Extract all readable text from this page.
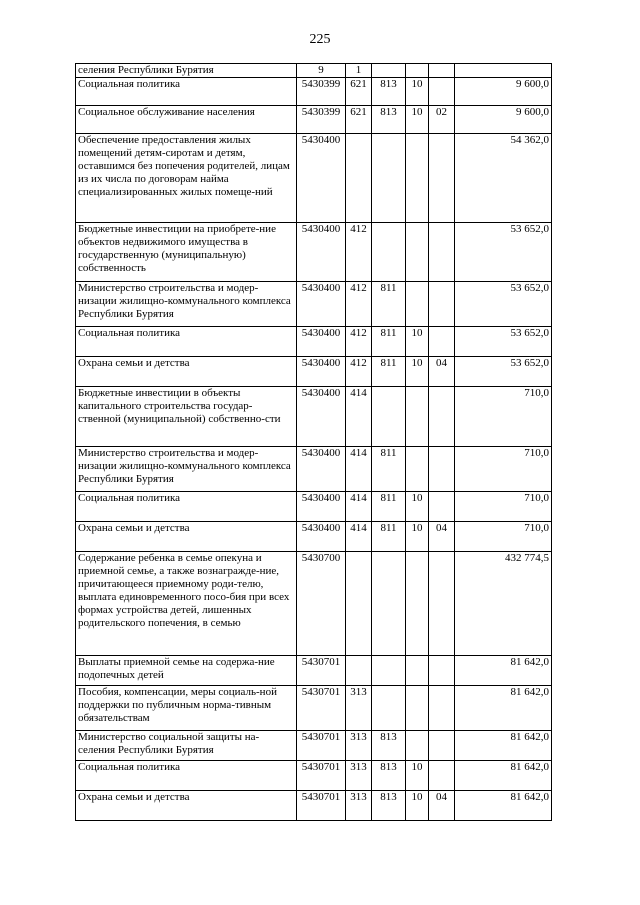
225
селения Республики Бурятия	9	1				
Социальная политика	5430399	621	813	10		9 600,0
Социальное обслуживание населения	5430399	621	813	10	02	9 600,0
Обеспечение предоставления жилых помещений детям-сиротам и детям, оставшимся без попечения родителей, лицам из их числа по договорам найма специализированных жилых помеще-ний	5430400					54 362,0
Бюджетные инвестиции на приобрете-ние объектов недвижимого имущества в государственную (муниципальную) собственность	5430400	412				53 652,0
Министерство строительства и модер-низации жилищно-коммунального комплекса Республики Бурятия	5430400	412	811			53 652,0
Социальная политика	5430400	412	811	10		53 652,0
Охрана семьи и детства	5430400	412	811	10	04	53 652,0
Бюджетные инвестиции в объекты капитального строительства государ-ственной (муниципальной) собственно-сти	5430400	414				710,0
Министерство строительства и модер-низации жилищно-коммунального комплекса Республики Бурятия	5430400	414	811			710,0
Социальная политика	5430400	414	811	10		710,0
Охрана семьи и детства	5430400	414	811	10	04	710,0
Содержание ребенка в семье опекуна и приемной семье, а также вознагражде-ние, причитающееся приемному роди-телю, выплата единовременного посо-бия при всех формах устройства детей, лишенных родительского попечения, в семью	5430700					432 774,5
Выплаты приемной семье на содержа-ние подопечных детей	5430701					81 642,0
Пособия, компенсации, меры социаль-ной поддержки по публичным норма-тивным обязательствам	5430701	313				81 642,0
Министерство социальной защиты на-селения Республики Бурятия	5430701	313	813			81 642,0
Социальная политика	5430701	313	813	10		81 642,0
Охрана семьи и детства	5430701	313	813	10	04	81 642,0
